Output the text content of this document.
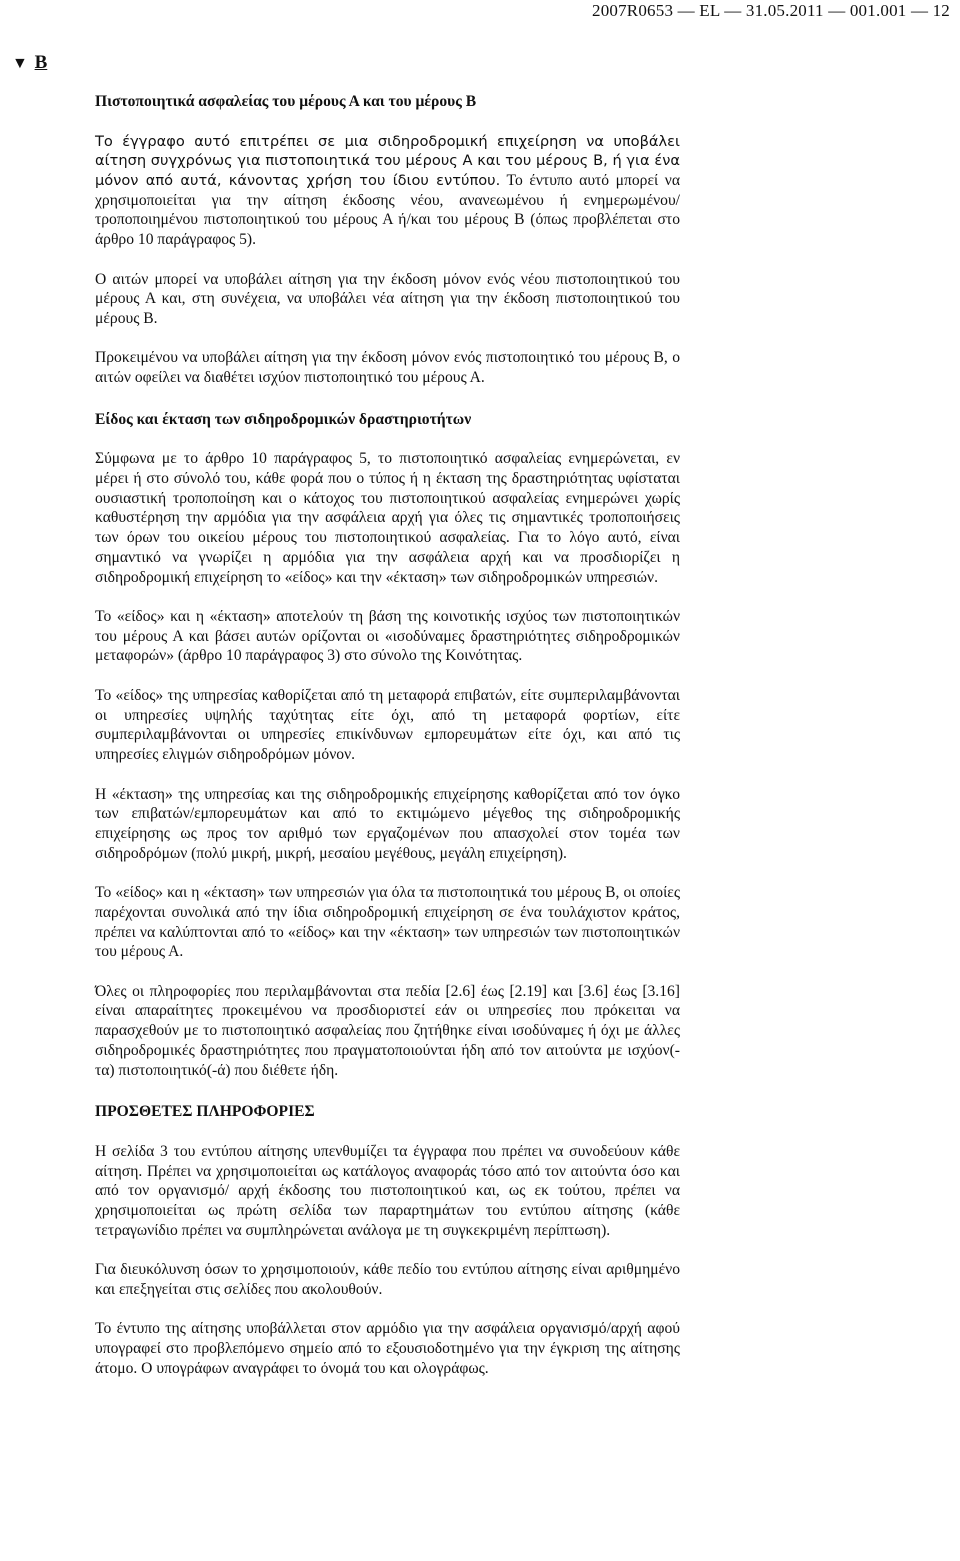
2007R0653 — EL — 31.05.2011 — 001.001 — 12
▼ B

Πιστοποιητικά ασφαλείας του μέρους Α και του μέρους Β

Το έγγραφο αυτό επιτρέπει σε μια σιδηροδρομική επιχείρηση να υποβάλει αίτηση συγχρόνως για πιστοποιητικά του μέρους Α και του μέρους Β, ή για ένα μόνον από αυτά, κάνοντας χρήση του ίδιου εντύπου. Το έντυπο αυτό μπορεί να χρησιμοποιείται για την αίτηση έκδοσης νέου, ανανεωμένου ή ενημερωμένου/ τροποποιημένου πιστοποιητικού του μέρους Α ή/και του μέρους Β (όπως προβλέπεται στο άρθρο 10 παράγραφος 5).

Ο αιτών μπορεί να υποβάλει αίτηση για την έκδοση μόνον ενός νέου πιστοποιητικού του μέρους Α και, στη συνέχεια, να υποβάλει νέα αίτηση για την έκδοση πιστοποιητικού του μέρους Β.

Προκειμένου να υποβάλει αίτηση για την έκδοση μόνον ενός πιστοποιητικό του μέρους Β, ο αιτών οφείλει να διαθέτει ισχύον πιστοποιητικό του μέρους Α.

Είδος και έκταση των σιδηροδρομικών δραστηριοτήτων

Σύμφωνα με το άρθρο 10 παράγραφος 5, το πιστοποιητικό ασφαλείας ενημερώνεται, εν μέρει ή στο σύνολό του, κάθε φορά που ο τύπος ή η έκταση της δραστηριότητας υφίσταται ουσιαστική τροποποίηση και ο κάτοχος του πιστοποιητικού ασφαλείας ενημερώνει χωρίς καθυστέρηση την αρμόδια για την ασφάλεια αρχή για όλες τις σημαντικές τροποποιήσεις των όρων του οικείου μέρους του πιστοποιητικού ασφαλείας. Για το λόγο αυτό, είναι σημαντικό να γνωρίζει η αρμόδια για την ασφάλεια αρχή και να προσδιορίζει η σιδηροδρομική επιχείρηση το «είδος» και την «έκταση» των σιδηροδρομικών υπηρεσιών.

Το «είδος» και η «έκταση» αποτελούν τη βάση της κοινοτικής ισχύος των πιστοποιητικών του μέρους Α και βάσει αυτών ορίζονται οι «ισοδύναμες δραστηριότητες σιδηροδρομικών μεταφορών» (άρθρο 10 παράγραφος 3) στο σύνολο της Κοινότητας.

Το «είδος» της υπηρεσίας καθορίζεται από τη μεταφορά επιβατών, είτε συμπεριλαμβάνονται οι υπηρεσίες υψηλής ταχύτητας είτε όχι, από τη μεταφορά φορτίων, είτε συμπεριλαμβάνονται οι υπηρεσίες επικίνδυνων εμπορευμάτων είτε όχι, και από τις υπηρεσίες ελιγμών σιδηροδρόμων μόνον.

Η «έκταση» της υπηρεσίας και της σιδηροδρομικής επιχείρησης καθορίζεται από τον όγκο των επιβατών/εμπορευμάτων και από το εκτιμώμενο μέγεθος της σιδηροδρομικής επιχείρησης ως προς τον αριθμό των εργαζομένων που απασχολεί στον τομέα των σιδηροδρόμων (πολύ μικρή, μικρή, μεσαίου μεγέθους, μεγάλη επιχείρηση).

Το «είδος» και η «έκταση» των υπηρεσιών για όλα τα πιστοποιητικά του μέρους Β, οι οποίες παρέχονται συνολικά από την ίδια σιδηροδρομική επιχείρηση σε ένα τουλάχιστον κράτος, πρέπει να καλύπτονται από το «είδος» και την «έκταση» των υπηρεσιών των πιστοποιητικών του μέρους Α.

Όλες οι πληροφορίες που περιλαμβάνονται στα πεδία [2.6] έως [2.19] και [3.6] έως [3.16] είναι απαραίτητες προκειμένου να προσδιοριστεί εάν οι υπηρεσίες που πρόκειται να παρασχεθούν με το πιστοποιητικό ασφαλείας που ζητήθηκε είναι ισοδύναμες ή όχι με άλλες σιδηροδρομικές δραστηριότητες που πραγματοποιούνται ήδη από τον αιτούντα με ισχύον(-τα) πιστοποιητικό(-ά) που διέθετε ήδη.

ΠΡΟΣΘΕΤΕΣ ΠΛΗΡΟΦΟΡΙΕΣ

Η σελίδα 3 του εντύπου αίτησης υπενθυμίζει τα έγγραφα που πρέπει να συνοδεύουν κάθε αίτηση. Πρέπει να χρησιμοποιείται ως κατάλογος αναφοράς τόσο από τον αιτούντα όσο και από τον οργανισμό/ αρχή έκδοσης του πιστοποιητικού και, ως εκ τούτου, πρέπει να χρησιμοποιείται ως πρώτη σελίδα των παραρτημάτων του εντύπου αίτησης (κάθε τετραγωνίδιο πρέπει να συμπληρώνεται ανάλογα με τη συγκεκριμένη περίπτωση).

Για διευκόλυνση όσων το χρησιμοποιούν, κάθε πεδίο του εντύπου αίτησης είναι αριθμημένο και επεξηγείται στις σελίδες που ακολουθούν.

Το έντυπο της αίτησης υποβάλλεται στον αρμόδιο για την ασφάλεια οργανισμό/αρχή αφού υπογραφεί στο προβλεπόμενο σημείο από το εξουσιοδοτημένο για την έγκριση της αίτησης άτομο. Ο υπογράφων αναγράφει το όνομά του και ολογράφως.
